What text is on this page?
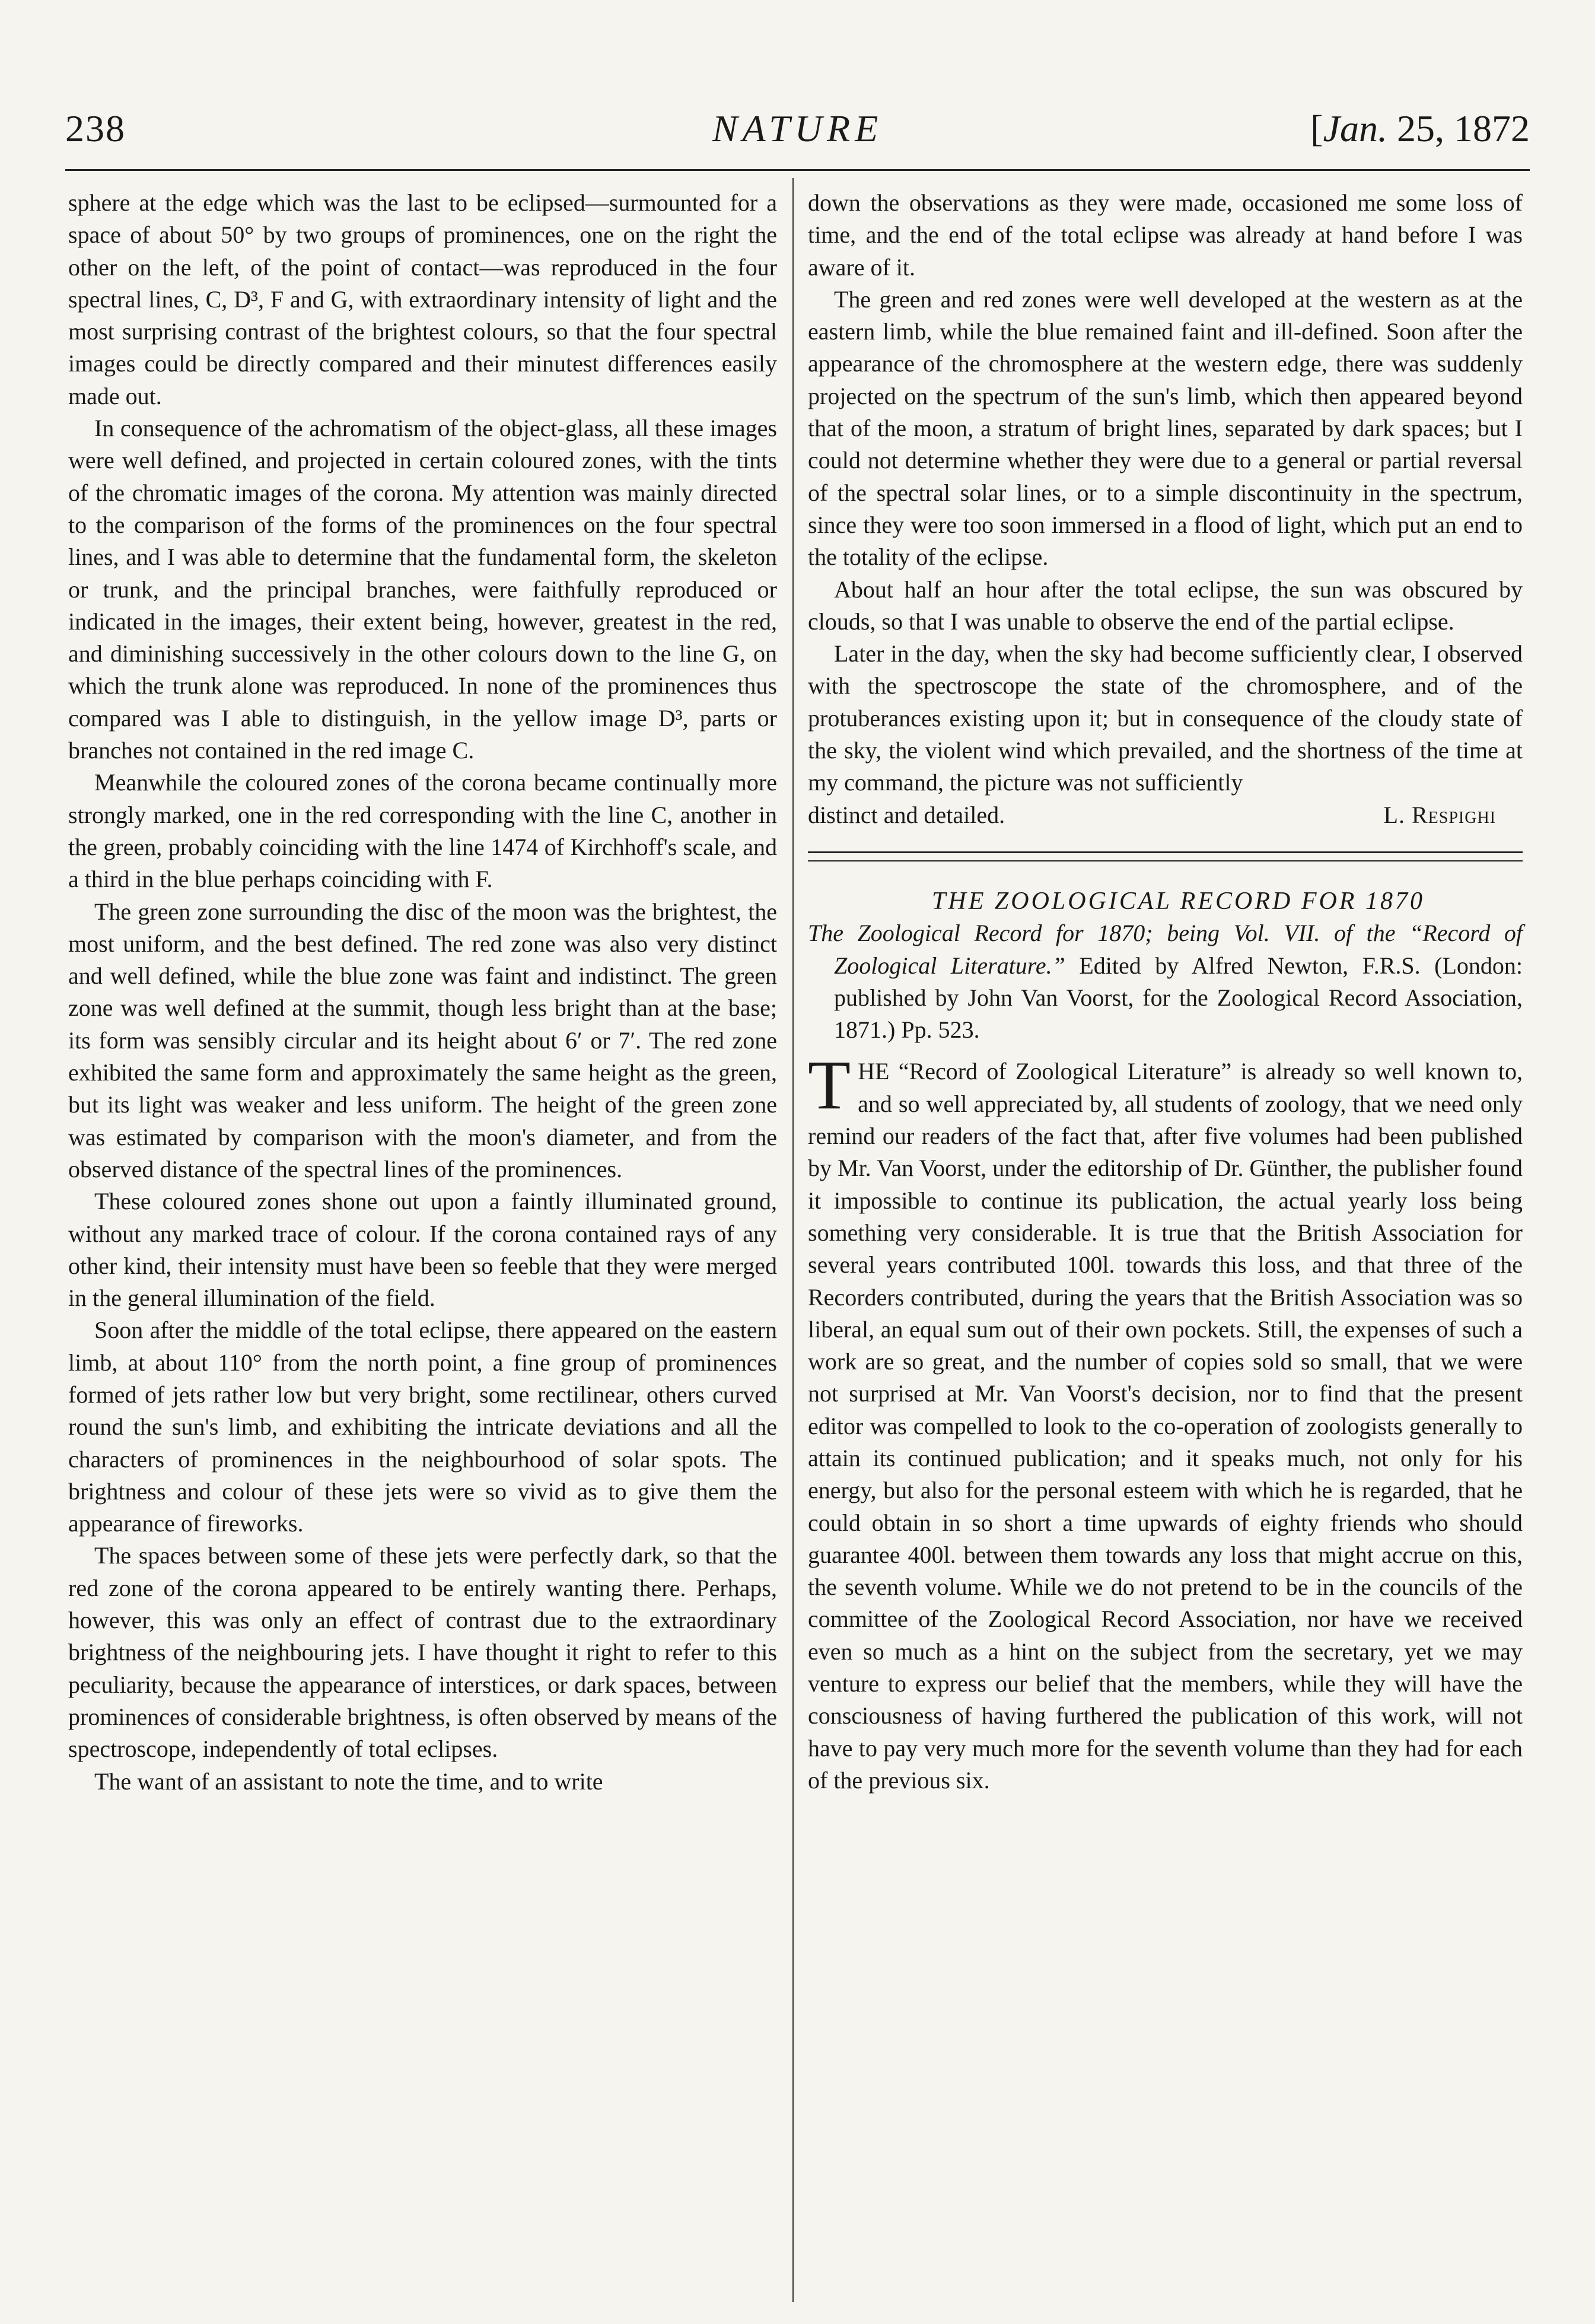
238	NATURE	[Jan. 25, 1872

sphere at the edge which was the last to be eclipsed—surmounted for a space of about 50° by two groups of prominences, one on the right the other on the left, of the point of contact—was reproduced in the four spectral lines, C, D³, F and G, with extraordinary intensity of light and the most surprising contrast of the brightest colours, so that the four spectral images could be directly compared and their minutest differences easily made out.

In consequence of the achromatism of the object-glass, all these images were well defined, and projected in certain coloured zones, with the tints of the chromatic images of the corona. My attention was mainly directed to the comparison of the forms of the prominences on the four spectral lines, and I was able to determine that the fundamental form, the skeleton or trunk, and the principal branches, were faithfully reproduced or indicated in the images, their extent being, however, greatest in the red, and diminishing successively in the other colours down to the line G, on which the trunk alone was reproduced. In none of the prominences thus compared was I able to distinguish, in the yellow image D³, parts or branches not contained in the red image C.

Meanwhile the coloured zones of the corona became continually more strongly marked, one in the red corresponding with the line C, another in the green, probably coinciding with the line 1474 of Kirchhoff's scale, and a third in the blue perhaps coinciding with F.

The green zone surrounding the disc of the moon was the brightest, the most uniform, and the best defined. The red zone was also very distinct and well defined, while the blue zone was faint and indistinct. The green zone was well defined at the summit, though less bright than at the base; its form was sensibly circular and its height about 6′ or 7′. The red zone exhibited the same form and approximately the same height as the green, but its light was weaker and less uniform. The height of the green zone was estimated by comparison with the moon's diameter, and from the observed distance of the spectral lines of the prominences.

These coloured zones shone out upon a faintly illuminated ground, without any marked trace of colour. If the corona contained rays of any other kind, their intensity must have been so feeble that they were merged in the general illumination of the field.

Soon after the middle of the total eclipse, there appeared on the eastern limb, at about 110° from the north point, a fine group of prominences formed of jets rather low but very bright, some rectilinear, others curved round the sun's limb, and exhibiting the intricate deviations and all the characters of prominences in the neighbourhood of solar spots. The brightness and colour of these jets were so vivid as to give them the appearance of fireworks.

The spaces between some of these jets were perfectly dark, so that the red zone of the corona appeared to be entirely wanting there. Perhaps, however, this was only an effect of contrast due to the extraordinary brightness of the neighbouring jets. I have thought it right to refer to this peculiarity, because the appearance of interstices, or dark spaces, between prominences of considerable brightness, is often observed by means of the spectroscope, independently of total eclipses.

The want of an assistant to note the time, and to write

down the observations as they were made, occasioned me some loss of time, and the end of the total eclipse was already at hand before I was aware of it.

The green and red zones were well developed at the western as at the eastern limb, while the blue remained faint and ill-defined. Soon after the appearance of the chromosphere at the western edge, there was suddenly projected on the spectrum of the sun's limb, which then appeared beyond that of the moon, a stratum of bright lines, separated by dark spaces; but I could not determine whether they were due to a general or partial reversal of the spectral solar lines, or to a simple discontinuity in the spectrum, since they were too soon immersed in a flood of light, which put an end to the totality of the eclipse.

About half an hour after the total eclipse, the sun was obscured by clouds, so that I was unable to observe the end of the partial eclipse.

Later in the day, when the sky had become sufficiently clear, I observed with the spectroscope the state of the chromosphere, and of the protuberances existing upon it; but in consequence of the cloudy state of the sky, the violent wind which prevailed, and the shortness of the time at my command, the picture was not sufficiently

distinct and detailed.	L. Respighi

THE ZOOLOGICAL RECORD FOR 1870

The Zoological Record for 1870; being Vol. VII. of the “Record of Zoological Literature.” Edited by Alfred Newton, F.R.S. (London: published by John Van Voorst, for the Zoological Record Association, 1871.) Pp. 523.

THE “Record of Zoological Literature” is already so well known to, and so well appreciated by, all students of zoology, that we need only remind our readers of the fact that, after five volumes had been published by Mr. Van Voorst, under the editorship of Dr. Günther, the publisher found it impossible to continue its publication, the actual yearly loss being something very considerable. It is true that the British Association for several years contributed 100l. towards this loss, and that three of the Recorders contributed, during the years that the British Association was so liberal, an equal sum out of their own pockets. Still, the expenses of such a work are so great, and the number of copies sold so small, that we were not surprised at Mr. Van Voorst's decision, nor to find that the present editor was compelled to look to the co-operation of zoologists generally to attain its continued publication; and it speaks much, not only for his energy, but also for the personal esteem with which he is regarded, that he could obtain in so short a time upwards of eighty friends who should guarantee 400l. between them towards any loss that might accrue on this, the seventh volume. While we do not pretend to be in the councils of the committee of the Zoological Record Association, nor have we received even so much as a hint on the subject from the secretary, yet we may venture to express our belief that the members, while they will have the consciousness of having furthered the publication of this work, will not have to pay very much more for the seventh volume than they had for each of the previous six.
